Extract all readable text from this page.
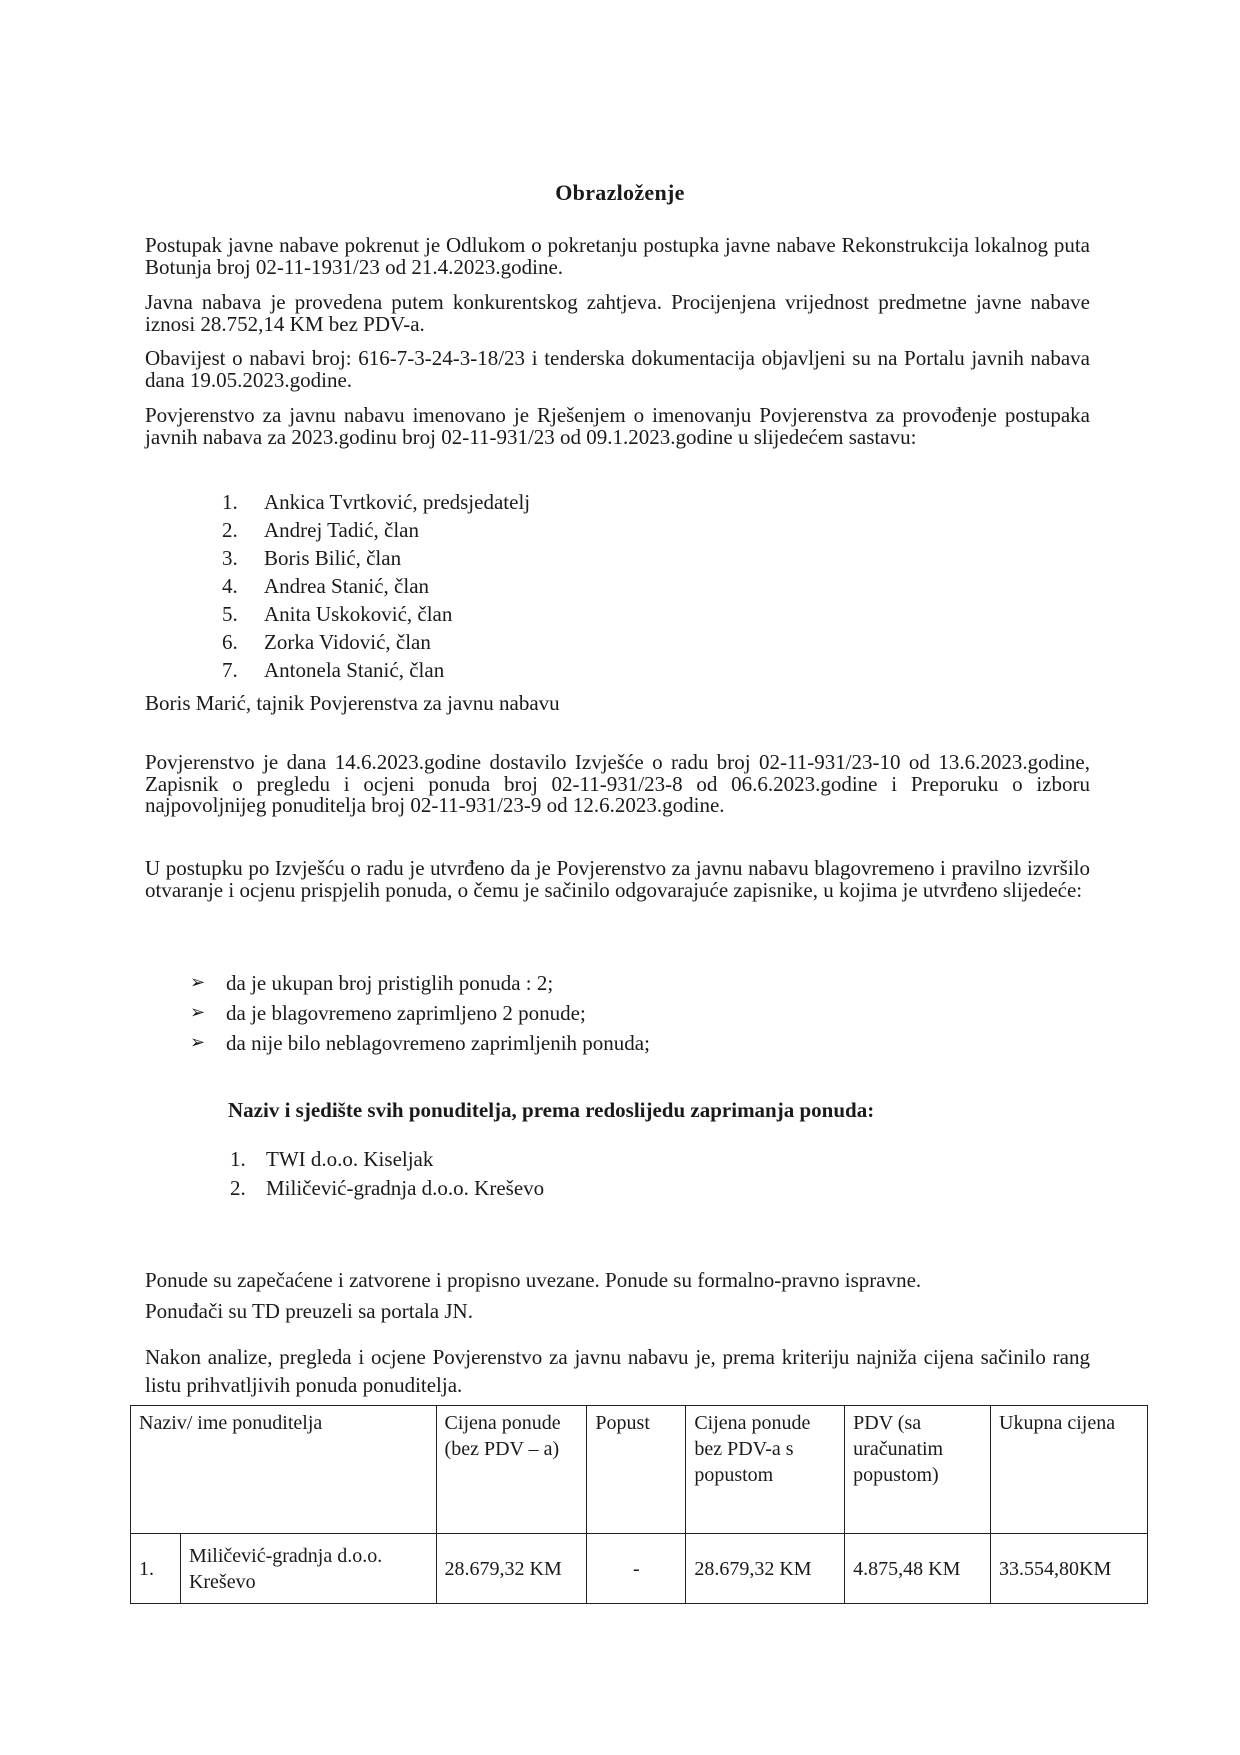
Obrazloženje

Postupak javne nabave pokrenut je Odlukom o pokretanju postupka javne nabave Rekonstrukcija lokalnog puta Botunja broj 02-11-1931/23 od 21.4.2023.godine.

Javna nabava je provedena putem konkurentskog zahtjeva. Procijenjena vrijednost predmetne javne nabave iznosi 28.752,14 KM bez PDV-a.

Obavijest o nabavi broj: 616-7-3-24-3-18/23 i tenderska dokumentacija objavljeni su na Portalu javnih nabava dana 19.05.2023.godine.

Povjerenstvo za javnu nabavu imenovano je Rješenjem o imenovanju Povjerenstva za provođenje postupaka javnih nabava za 2023.godinu broj 02-11-931/23 od 09.1.2023.godine u slijedećem sastavu:

1.	Ankica Tvrtković, predsjedatelj
2.	Andrej Tadić, član
3.	Boris Bilić, član
4.	Andrea Stanić, član
5.	Anita Uskoković, član
6.	Zorka Vidović, član
7.	Antonela Stanić, član
Boris Marić, tajnik Povjerenstva za javnu nabavu

Povjerenstvo je dana 14.6.2023.godine dostavilo Izvješće o radu broj 02-11-931/23-10 od 13.6.2023.godine, Zapisnik o pregledu i ocjeni ponuda broj 02-11-931/23-8 od 06.6.2023.godine i Preporuku o izboru najpovoljnijeg ponuditelja broj 02-11-931/23-9 od 12.6.2023.godine.

U postupku po Izvješću o radu je utvrđeno da je Povjerenstvo za javnu nabavu blagovremeno i pravilno izvršilo otvaranje i ocjenu prispjelih ponuda, o čemu je sačinilo odgovarajuće zapisnike, u kojima je utvrđeno slijedeće:

➢ da je ukupan broj pristiglih ponuda : 2;
➢ da je blagovremeno zaprimljeno 2 ponude;
➢ da nije bilo neblagovremeno zaprimljenih ponuda;
Naziv i sjedište svih ponuditelja, prema redoslijedu zaprimanja ponuda:
1. TWI d.o.o. Kiseljak
2. Miličević-gradnja d.o.o. Kreševo

Ponude su zapečaćene i zatvorene i propisno uvezane. Ponude su formalno-pravno ispravne.

Ponuđači su TD preuzeli sa portala JN.

Nakon analize, pregleda i ocjene Povjerenstvo za javnu nabavu je, prema kriteriju najniža cijena sačinilo rang listu prihvatljivih ponuda ponuditelja.

Naziv/ ime ponuditelja		Cijena ponude (bez PDV – a)	Popust	Cijena ponude bez PDV-a s popustom	PDV (sa uračunatim popustom)	Ukupna cijena
1.	Miličević-gradnja d.o.o. Kreševo	28.679,32 KM	-	28.679,32 KM	4.875,48 KM	33.554,80KM
